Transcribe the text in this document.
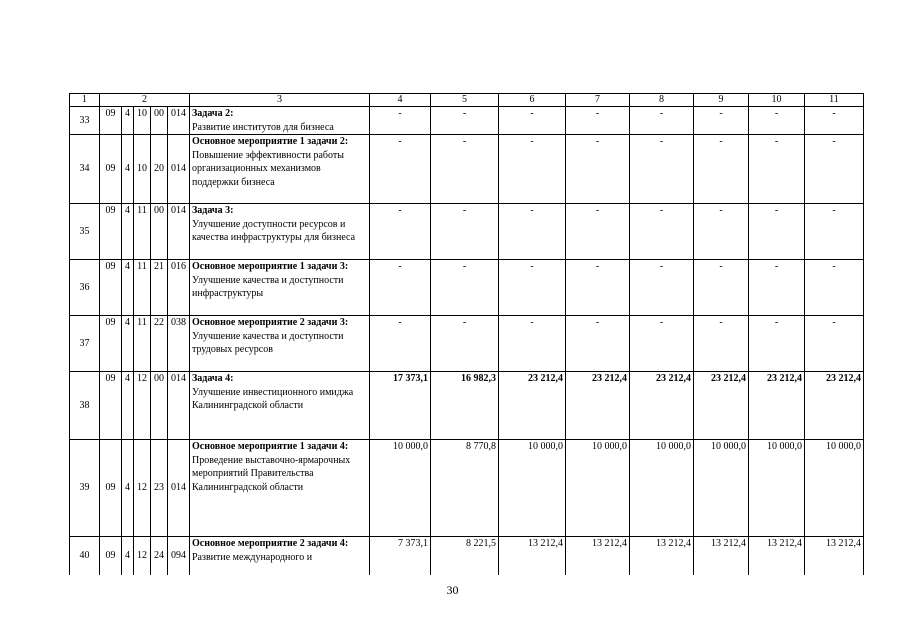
1	2					3	4	5	6	7	8	9	10	11
33	09	4	10	00	014	Задача 2:
Развитие институтов для бизнеса	-	-	-	-	-	-	-	-
34	09	4	10	20	014	Основное мероприятие 1 задачи 2:
Повышение эффективности работы организационных механизмов поддержки бизнеса	-	-	-	-	-	-	-	-
35	09	4	11	00	014	Задача 3:
Улучшение доступности ресурсов и качества инфраструктуры для бизнеса	-	-	-	-	-	-	-	-
36	09	4	11	21	016	Основное мероприятие 1 задачи 3:
Улучшение качества и доступности инфраструктуры	-	-	-	-	-	-	-	-
37	09	4	11	22	038	Основное мероприятие 2 задачи 3:
Улучшение качества и доступности трудовых ресурсов	-	-	-	-	-	-	-	-
38	09	4	12	00	014	Задача 4:
Улучшение инвестиционного имиджа Калининградской области	17 373,1	16 982,3	23 212,4	23 212,4	23 212,4	23 212,4	23 212,4	23 212,4
39	09	4	12	23	014	Основное мероприятие 1 задачи 4:
Проведение выставочно-ярмарочных мероприятий Правительства Калининградской области	10 000,0	8 770,8	10 000,0	10 000,0	10 000,0	10 000,0	10 000,0	10 000,0
40	09	4	12	24	094	Основное мероприятие 2 задачи 4:
Развитие международного и	7 373,1	8 221,5	13 212,4	13 212,4	13 212,4	13 212,4	13 212,4	13 212,4
30
